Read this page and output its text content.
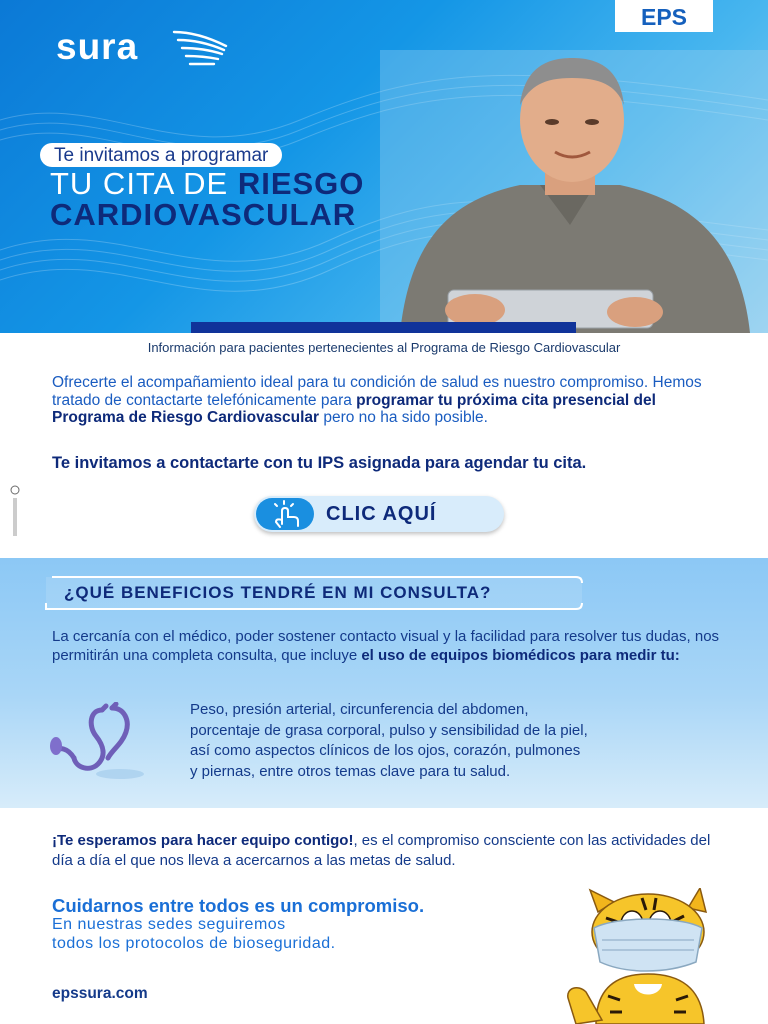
EPS
sura
Te invitamos a programar
TU CITA DE RIESGO
CARDIOVASCULAR
Información para pacientes pertenecientes al Programa de Riesgo Cardiovascular
Ofrecerte el acompañamiento ideal para tu condición de salud es nuestro compromiso. Hemos tratado de contactarte telefónicamente para programar tu próxima cita presencial del Programa de Riesgo Cardiovascular pero no ha sido posible.
Te invitamos a contactarte con tu IPS asignada para agendar tu cita.
CLIC AQUÍ
¿QUÉ BENEFICIOS TENDRÉ EN MI CONSULTA?
La cercanía con el médico, poder sostener contacto visual y la facilidad para resolver tus dudas, nos permitirán una completa consulta, que incluye el uso de equipos biomédicos para medir tu:
Peso, presión arterial, circunferencia del abdomen,
porcentaje de grasa corporal, pulso y sensibilidad de la piel,
así como aspectos clínicos de los ojos, corazón, pulmones
y piernas, entre otros temas clave para tu salud.
¡Te esperamos para hacer equipo contigo!, es el compromiso consciente con las actividades del día a día el que nos lleva a acercarnos a las metas de salud.
Cuidarnos entre todos es un compromiso.
En nuestras sedes seguiremos
todos los protocolos de bioseguridad.
epssura.com
